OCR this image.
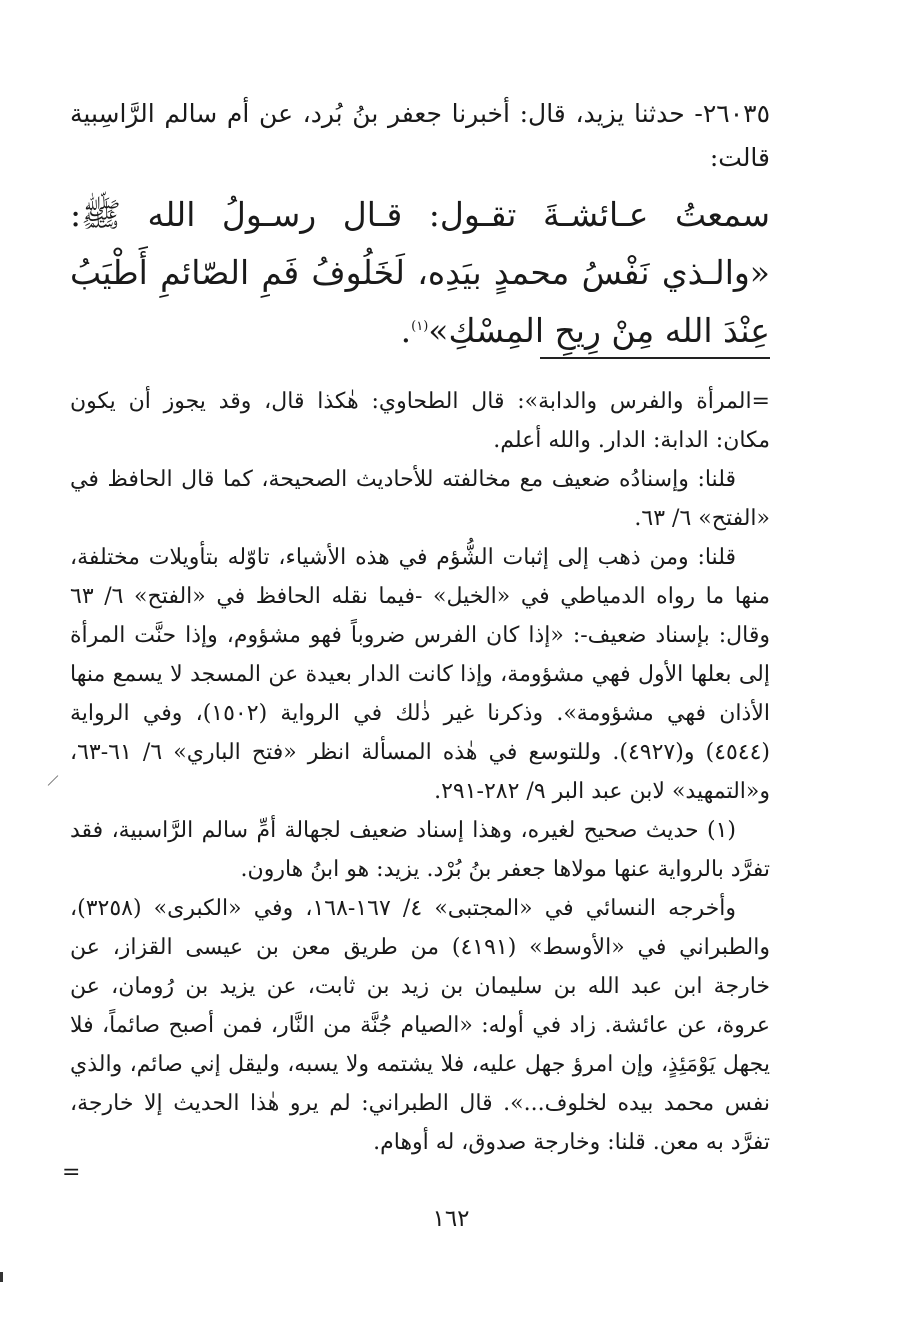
٢٦٠٣٥- حدثنا يزيد، قال: أخبرنا جعفر بنُ بُرد، عن أم سالم الرَّاسِبية قالت:
سمعتُ عـائشـةَ تقـول: قـال رسـولُ الله ﷺ: «والـذي نَفْسُ محمدٍ بيَدِه، لَخَلُوفُ فَمِ الصّائمِ أَطْيَبُ عِنْدَ الله مِنْ رِيحِ المِسْكِ»$^{(١)}$.

=المرأة والفرس والدابة»: قال الطحاوي: هٰكذا قال، وقد يجوز أن يكون مكان: الدابة: الدار. والله أعلم.

قلنا: وإسنادُه ضعيف مع مخالفته للأحاديث الصحيحة، كما قال الحافظ في «الفتح» ٦/ ٦٣.

قلنا: ومن ذهب إلى إثبات الشُّؤم في هذه الأشياء، تاوّله بتأويلات مختلفة، منها ما رواه الدمياطي في «الخيل» -فيما نقله الحافظ في «الفتح» ٦/ ٦٣ وقال: بإسناد ضعيف-: «إذا كان الفرس ضروباً فهو مشؤوم، وإذا حنَّت المرأة إلى بعلها الأول فهي مشؤومة، وإذا كانت الدار بعيدة عن المسجد لا يسمع منها الأذان فهي مشؤومة». وذكرنا غير ذٰلك في الرواية (١٥٠٢)، وفي الرواية (٤٥٤٤) و(٤٩٢٧). وللتوسع في هٰذه المسألة انظر «فتح الباري» ٦/ ٦١-٦٣، و«التمهيد» لابن عبد البر ٩/ ٢٨٢-٢٩١.

(١) حديث صحيح لغيره، وهذا إسناد ضعيف لجهالة أمِّ سالم الرَّاسبية، فقد تفرَّد بالرواية عنها مولاها جعفر بنُ بُرْد. يزيد: هو ابنُ هارون.

وأخرجه النسائي في «المجتبى» ٤/ ١٦٧-١٦٨، وفي «الكبرى» (٣٢٥٨)، والطبراني في «الأوسط» (٤١٩١) من طريق معن بن عيسى القزاز، عن خارجة ابن عبد الله بن سليمان بن زيد بن ثابت، عن يزيد بن رُومان، عن عروة، عن عائشة. زاد في أوله: «الصيام جُنَّة من النَّار، فمن أصبح صائماً، فلا يجهل يَوْمَئِذٍ، وإن امرؤ جهل عليه، فلا يشتمه ولا يسبه، وليقل إني صائم، والذي نفس محمد بيده لخلوف...». قال الطبراني: لم يرو هٰذا الحديث إلا خارجة، تفرَّد به معن. قلنا: وخارجة صدوق، له أوهام.

=
١٦٢
